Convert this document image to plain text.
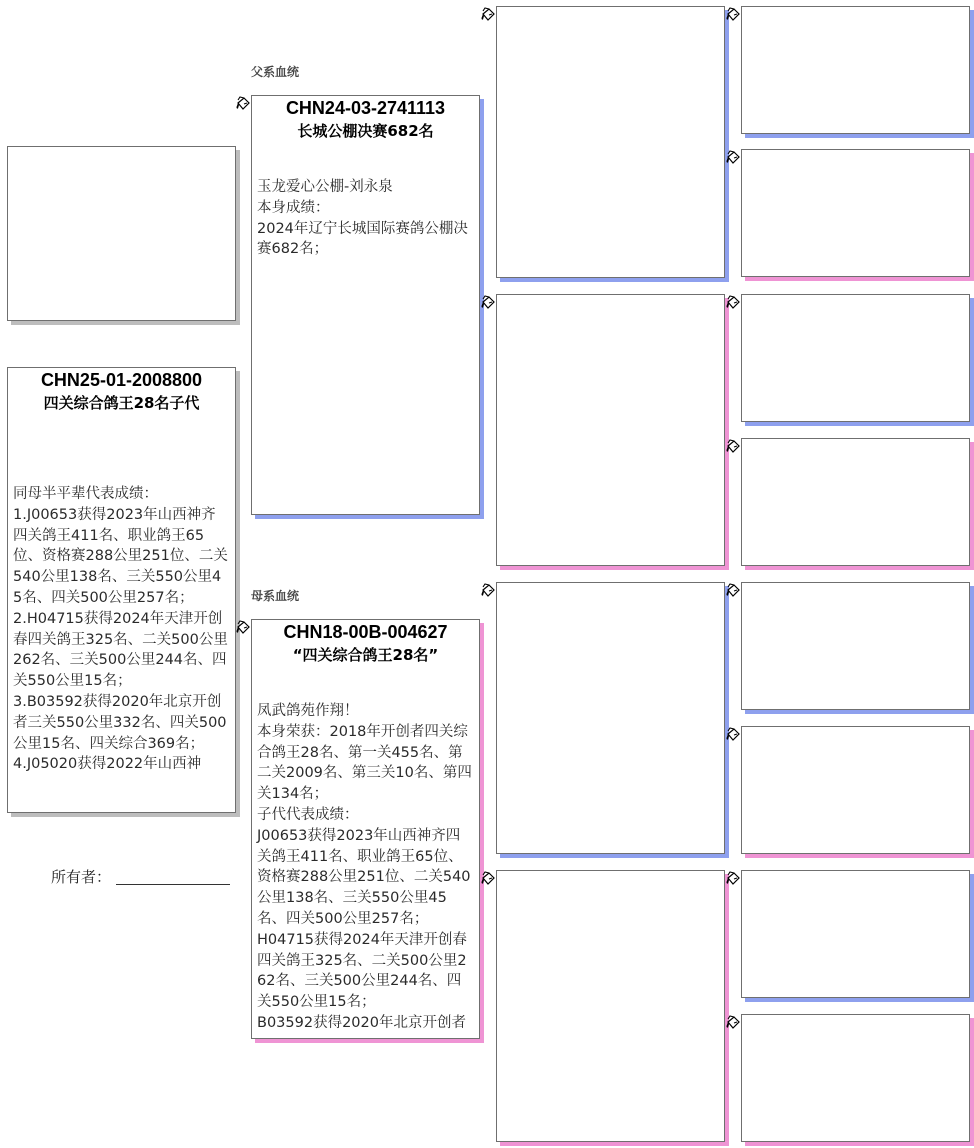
CHN25-01-2008800
四关综合鸽王28名子代
同母半平辈代表成绩：
1.J00653获得2023年山西神齐四关鸽王411名、职业鸽王65位、资格赛288公里251位、二关540公里138名、三关550公里45名、四关500公里257名；
2.H04715获得2024年天津开创春四关鸽王325名、二关500公里262名、三关500公里244名、四关550公里15名；
3.B03592获得2020年北京开创者三关550公里332名、四关500公里15名、四关综合369名；
4.J05020获得2022年山西神
所有者：
父系血统
CHN24-03-2741113
长城公棚决赛682名
玉龙爱心公棚-刘永泉
本身成绩：
2024年辽宁长城国际赛鸽公棚决赛682名；
母系血统
CHN18-00B-004627
“四关综合鸽王28名”
凤武鸽苑作翔！
本身荣获：2018年开创者四关综合鸽王28名、第一关455名、第二关2009名、第三关10名、第四关134名；
子代代表成绩：
J00653获得2023年山西神齐四关鸽王411名、职业鸽王65位、资格赛288公里251位、二关540公里138名、三关550公里45名、四关500公里257名；
H04715获得2024年天津开创春四关鸽王325名、二关500公里262名、三关500公里244名、四关550公里15名；
B03592获得2020年北京开创者
